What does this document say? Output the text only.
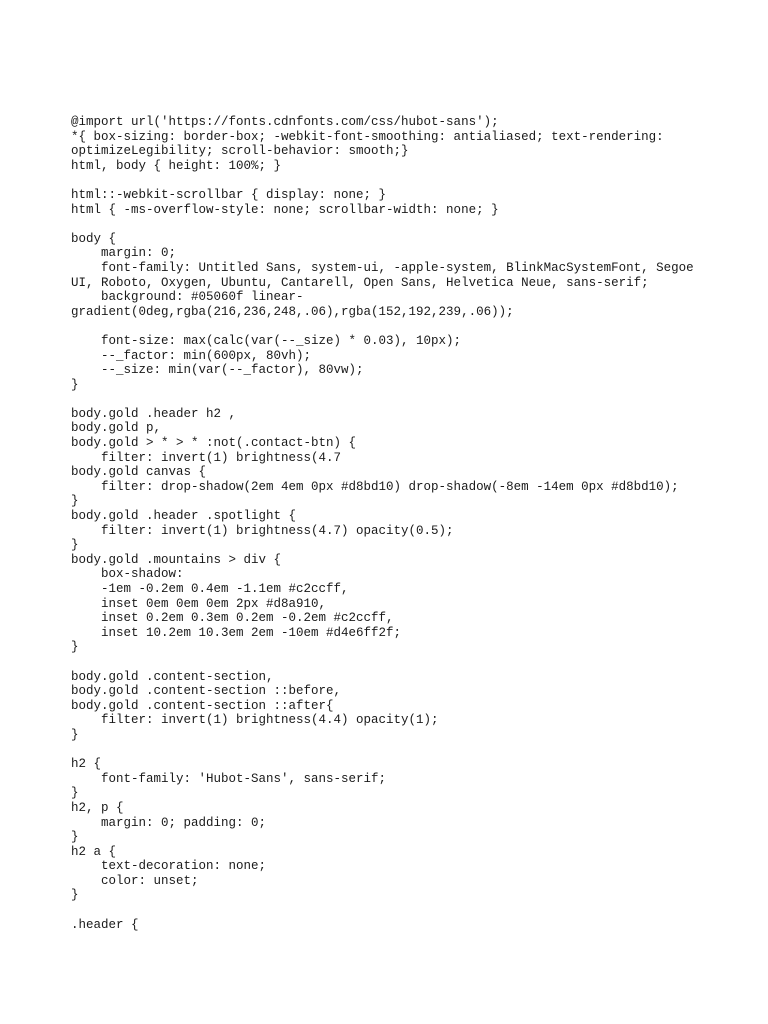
@import url('https://fonts.cdnfonts.com/css/hubot-sans');
*{ box-sizing: border-box; -webkit-font-smoothing: antialiased; text-rendering:
optimizeLegibility; scroll-behavior: smooth;}
html, body { height: 100%; }
html::-webkit-scrollbar { display: none; }
html { -ms-overflow-style: none; scrollbar-width: none; }
body {
margin: 0;
font-family: Untitled Sans, system-ui, -apple-system, BlinkMacSystemFont, Segoe
UI, Roboto, Oxygen, Ubuntu, Cantarell, Open Sans, Helvetica Neue, sans-serif;
background: #05060f linear-
gradient(0deg,rgba(216,236,248,.06),rgba(152,192,239,.06));
font-size: max(calc(var(--_size) * 0.03), 10px);
--_factor: min(600px, 80vh);
--_size: min(var(--_factor), 80vw);
}
body.gold .header h2 ,
body.gold p,
body.gold > * > * :not(.contact-btn) {
filter: invert(1) brightness(4.7
body.gold canvas {
filter: drop-shadow(2em 4em 0px #d8bd10) drop-shadow(-8em -14em 0px #d8bd10);
}
body.gold .header .spotlight {
filter: invert(1) brightness(4.7) opacity(0.5);
}
body.gold .mountains > div {
box-shadow:
-1em -0.2em 0.4em -1.1em #c2ccff,
inset 0em 0em 0em 2px #d8a910,
inset 0.2em 0.3em 0.2em -0.2em #c2ccff,
inset 10.2em 10.3em 2em -10em #d4e6ff2f;
}
body.gold .content-section,
body.gold .content-section ::before,
body.gold .content-section ::after{
filter: invert(1) brightness(4.4) opacity(1);
}
h2 {
font-family: 'Hubot-Sans', sans-serif;
}
h2, p {
margin: 0; padding: 0;
}
h2 a {
text-decoration: none;
color: unset;
}
.header {
